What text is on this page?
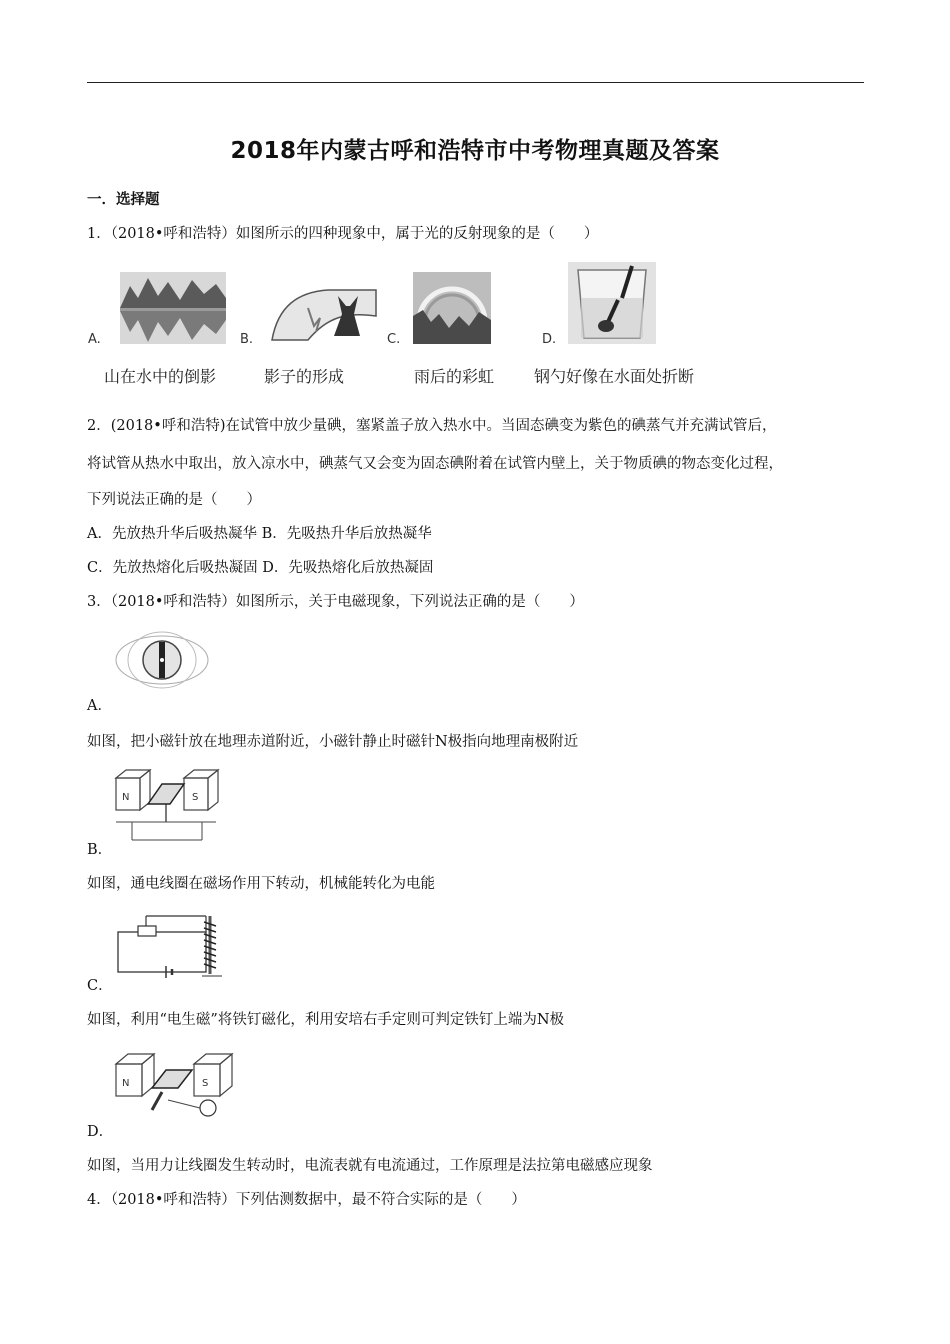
2018年内蒙古呼和浩特市中考物理真题及答案
一．选择题
1．（2018•呼和浩特）如图所示的四种现象中，属于光的反射现象的是（　　）
A.	B.	C.	D.
山在水中的倒影	影子的形成	雨后的彩虹 钢勺好像在水面处折断
2．(2018•呼和浩特)在试管中放少量碘，塞紧盖子放入热水中。当固态碘变为紫色的碘蒸气并充满试管后，
将试管从热水中取出，放入凉水中，碘蒸气又会变为固态碘附着在试管内壁上，关于物质碘的物态变化过程，
下列说法正确的是（　　）
A．先放热升华后吸热凝华 B．先吸热升华后放热凝华
C．先放热熔化后吸热凝固 D．先吸热熔化后放热凝固
3．（2018•呼和浩特）如图所示，关于电磁现象，下列说法正确的是（　　）
A．
如图，把小磁针放在地理赤道附近，小磁针静止时磁针N极指向地理南极附近
N	S
B．
如图，通电线圈在磁场作用下转动，机械能转化为电能
C．
如图，利用“电生磁”将铁钉磁化，利用安培右手定则可判定铁钉上端为N极
N	S
D．
如图，当用力让线圈发生转动时，电流表就有电流通过，工作原理是法拉第电磁感应现象
4．（2018•呼和浩特）下列估测数据中，最不符合实际的是（　　）
